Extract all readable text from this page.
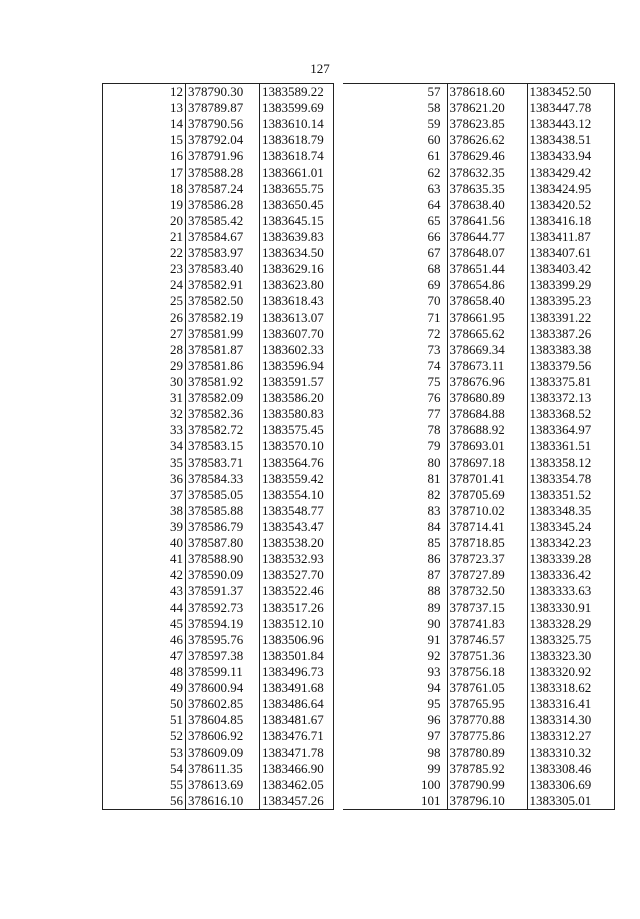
127
	12	378790.30	1383589.22
	13	378789.87	1383599.69
	14	378790.56	1383610.14
	15	378792.04	1383618.79
	16	378791.96	1383618.74
	17	378588.28	1383661.01
	18	378587.24	1383655.75
	19	378586.28	1383650.45
	20	378585.42	1383645.15
	21	378584.67	1383639.83
	22	378583.97	1383634.50
	23	378583.40	1383629.16
	24	378582.91	1383623.80
	25	378582.50	1383618.43
	26	378582.19	1383613.07
	27	378581.99	1383607.70
	28	378581.87	1383602.33
	29	378581.86	1383596.94
	30	378581.92	1383591.57
	31	378582.09	1383586.20
	32	378582.36	1383580.83
	33	378582.72	1383575.45
	34	378583.15	1383570.10
	35	378583.71	1383564.76
	36	378584.33	1383559.42
	37	378585.05	1383554.10
	38	378585.88	1383548.77
	39	378586.79	1383543.47
	40	378587.80	1383538.20
	41	378588.90	1383532.93
	42	378590.09	1383527.70
	43	378591.37	1383522.46
	44	378592.73	1383517.26
	45	378594.19	1383512.10
	46	378595.76	1383506.96
	47	378597.38	1383501.84
	48	378599.11	1383496.73
	49	378600.94	1383491.68
	50	378602.85	1383486.64
	51	378604.85	1383481.67
	52	378606.92	1383476.71
	53	378609.09	1383471.78
	54	378611.35	1383466.90
	55	378613.69	1383462.05
	56	378616.10	1383457.26
57	378618.60	1383452.50
58	378621.20	1383447.78
59	378623.85	1383443.12
60	378626.62	1383438.51
61	378629.46	1383433.94
62	378632.35	1383429.42
63	378635.35	1383424.95
64	378638.40	1383420.52
65	378641.56	1383416.18
66	378644.77	1383411.87
67	378648.07	1383407.61
68	378651.44	1383403.42
69	378654.86	1383399.29
70	378658.40	1383395.23
71	378661.95	1383391.22
72	378665.62	1383387.26
73	378669.34	1383383.38
74	378673.11	1383379.56
75	378676.96	1383375.81
76	378680.89	1383372.13
77	378684.88	1383368.52
78	378688.92	1383364.97
79	378693.01	1383361.51
80	378697.18	1383358.12
81	378701.41	1383354.78
82	378705.69	1383351.52
83	378710.02	1383348.35
84	378714.41	1383345.24
85	378718.85	1383342.23
86	378723.37	1383339.28
87	378727.89	1383336.42
88	378732.50	1383333.63
89	378737.15	1383330.91
90	378741.83	1383328.29
91	378746.57	1383325.75
92	378751.36	1383323.30
93	378756.18	1383320.92
94	378761.05	1383318.62
95	378765.95	1383316.41
96	378770.88	1383314.30
97	378775.86	1383312.27
98	378780.89	1383310.32
99	378785.92	1383308.46
100	378790.99	1383306.69
101	378796.10	1383305.01
